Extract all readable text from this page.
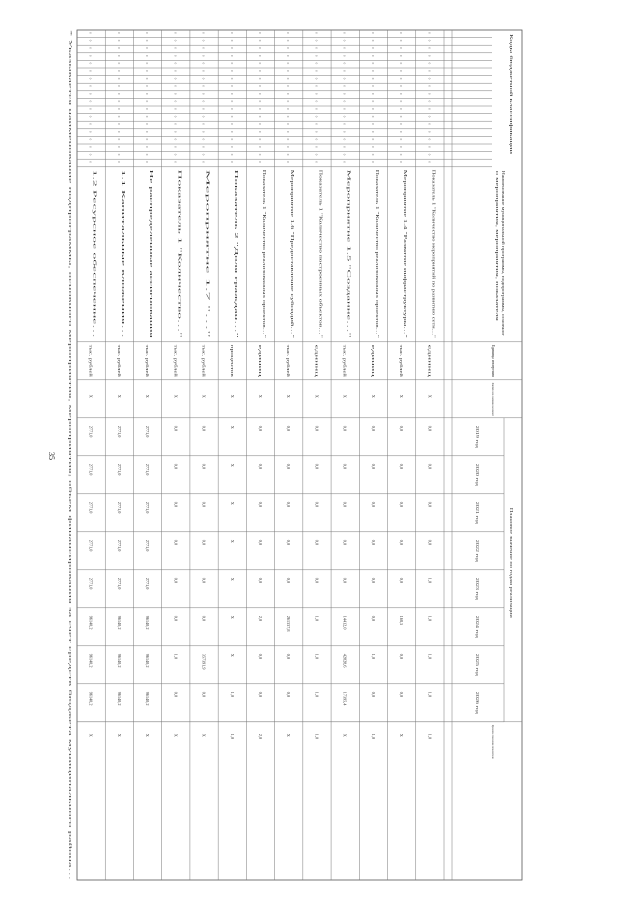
35
Коды бюджетной классификации
Наименование муниципальной программы, подпрограммы, основног
о мероприятия, мероприятия, показателя
Единица измерения
Фактическое значение на момент
Плановое значение по годам реализации
2019 год
2020 год
2021 год
2022 год
2023 год
2024 год
2025 год
2026 год
Целевое значение показателя
0
0
0
0
0
0
0
0
0
0
0
0
0
0
0
0
0
0
Показатель 1 "Количество мероприятий по развитию сети…"
единиц
X
0,0
0,0
0,0
0,0
1,0
1,0
1,0
1,0
1,0
0
0
0
0
0
0
0
0
0
0
0
0
0
0
0
0
0
0
Мероприятие 1.4 "Развитие инфраструктуры…"
тыс. рублей
X
0,0
0,0
0,0
0,0
0,0
168,5
0,0
0,0
X
0
0
0
0
0
0
0
0
0
0
0
0
0
0
0
0
0
0
Показатель 1 "Количество реализованных проектов…"
единиц
X
0,0
0,0
0,0
0,0
0,0
0,0
1,0
0,0
1,0
0
0
0
0
0
0
0
0
0
0
0
0
0
0
0
0
0
0
Мероприятие 1.5 "Создание…"
тыс. рублей
X
0,0
0,0
0,0
0,0
0,0
14412,0
42828,6
17395,4
X
0
0
0
0
0
0
0
0
0
0
0
0
0
0
0
0
0
0
Показатель 1 "Количество построенных объектов…"
единиц
X
0,0
0,0
0,0
0,0
0,0
1,0
1,0
1,0
1,0
0
0
0
0
0
0
0
0
0
0
0
0
0
0
0
0
0
0
Мероприятие 1.6 "Предоставление субсидий…"
тыс. рублей
X
0,0
0,0
0,0
0,0
0,0
261337,8
0,0
0,0
X
0
0
0
0
0
0
0
0
0
0
0
0
0
0
0
0
0
0
Показатель 1 "Количество реализованных проектов…"
единиц
X
0,0
0,0
0,0
0,0
0,0
2,0
0,0
0,0
2,0
0
0
0
0
0
0
0
0
0
0
0
0
0
0
0
0
0
0
Показатель 2 "Доля граждан…"
процентов
X
X
X
X
X
X
X
X
1,0
1,0
0
0
0
0
0
0
0
0
0
0
0
0
0
0
0
0
0
0
Мероприятие 1.7 "…"
тыс. рублей
X
0,0
0,0
0,0
0,0
0,0
0,0
357391,9
0,0
X
0
0
0
0
0
0
0
0
0
0
0
0
0
0
0
0
0
0
Показатель 1 "Количество…"
тыс. рублей
X
0,0
0,0
0,0
0,0
0,0
0,0
1,0
0,0
X
0
0
0
0
0
0
0
0
0
0
0
0
0
0
0
0
0
0
Не распределенные ассигнования
тыс. рублей
X
2771,0
2771,0
2771,0
2771,0
2771,0
96140,2
96140,2
96140,2
X
0
0
0
0
0
0
0
0
0
0
0
0
0
0
0
0
0
0
1.1 Капитальные вложения…
тыс. рублей
X
2771,0
2771,0
2771,0
2771,0
2771,0
96140,2
96140,2
96140,2
X
0
0
0
0
0
0
0
0
0
0
0
0
0
0
0
0
0
0
1.2 Ресурсное обеспечение…
тыс. рублей
X
2771,0
2771,0
2771,0
2771,0
2771,0
96140,2
96140,2
96140,2
X
* Указывается наименование подпрограммы, основного мероприятия, мероприятия; объем финансирования за счет средств бюджета муниципального района…
